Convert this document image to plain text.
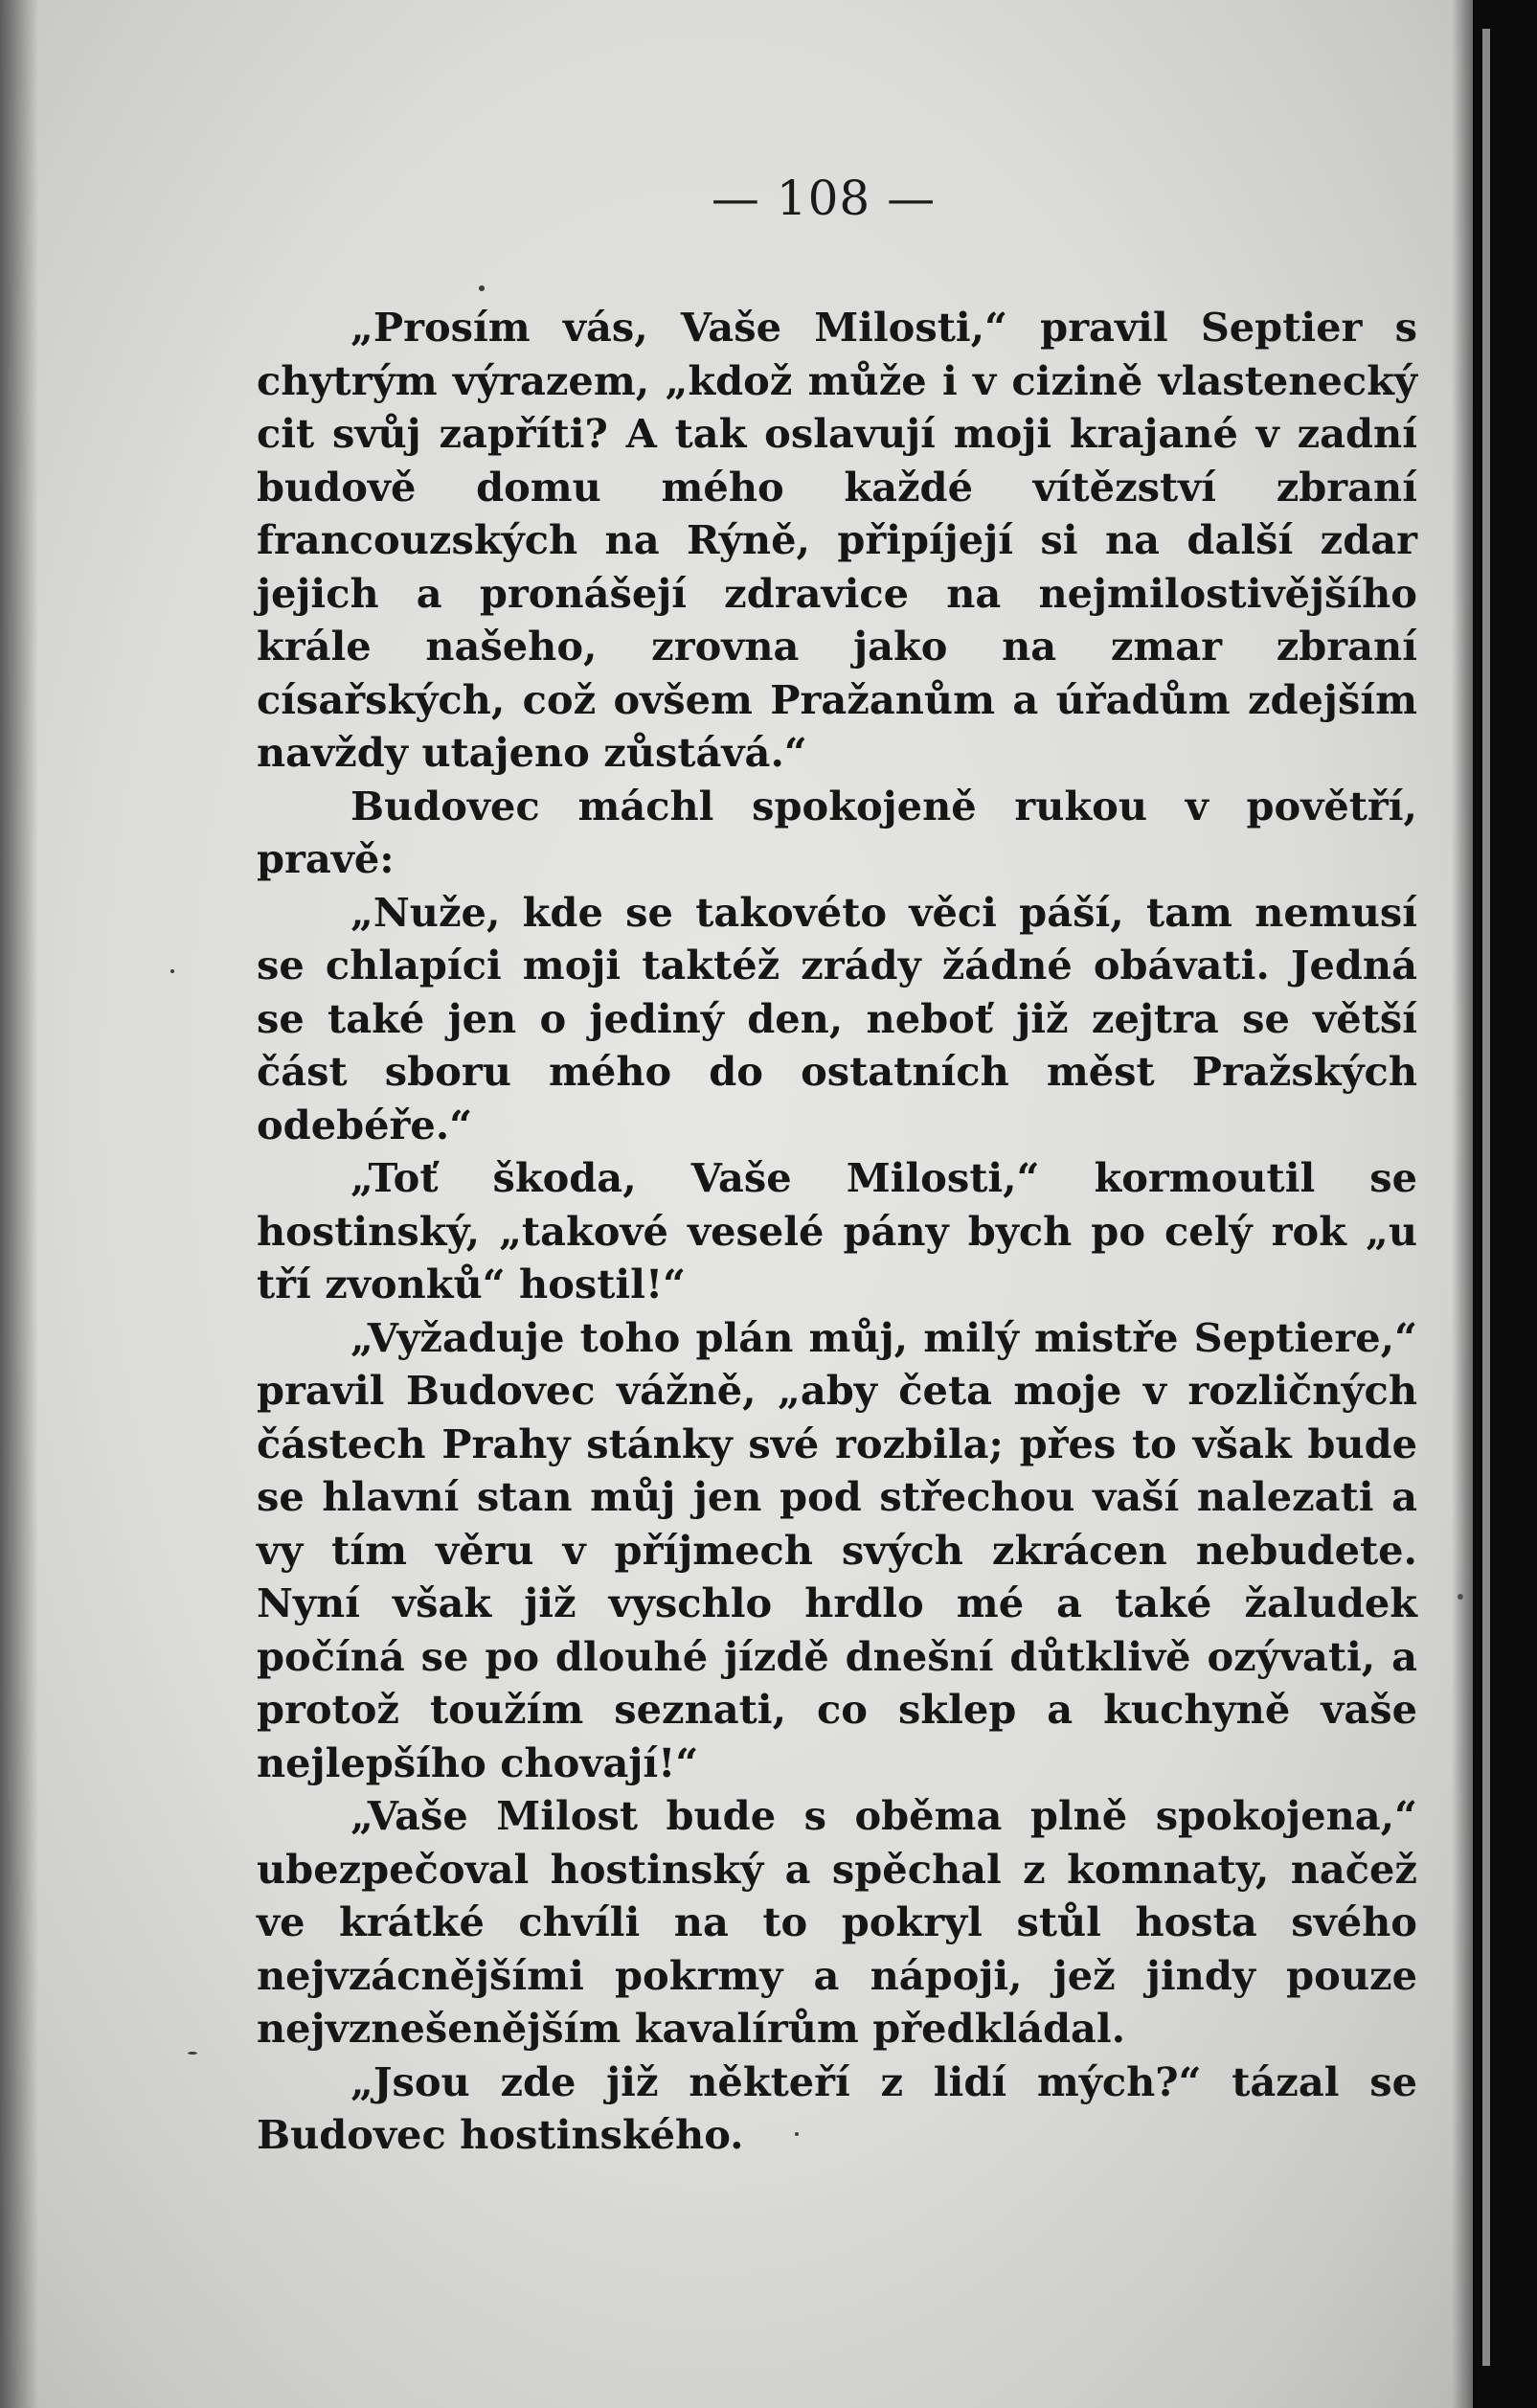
— 108 —

„Prosím vás, Vaše Milosti,“ pravil Septier s chytrým výrazem, „kdož může i v cizině vlastenecký cit svůj zapříti? A tak oslavují moji krajané v zadní budově domu mého každé vítězství zbraní francouzských na Rýně, připíjejí si na další zdar jejich a pronášejí zdravice na nejmilostivějšího krále našeho, zrovna jako na zmar zbraní císařských, což ovšem Pražanům a úřadům zdejším navždy utajeno zůstává.“

Budovec máchl spokojeně rukou v povětří, pravě:

„Nuže, kde se takovéto věci páší, tam nemusí se chlapíci moji taktéž zrády žádné obávati. Jedná se také jen o jediný den, neboť již zejtra se větší část sboru mého do ostatních měst Pražských odebéře.“

„Toť škoda, Vaše Milosti,“ kormoutil se hostinský, „takové veselé pány bych po celý rok „u tří zvonků“ hostil!“

„Vyžaduje toho plán můj, milý mistře Septiere,“ pravil Budovec vážně, „aby četa moje v rozličných částech Prahy stánky své rozbila; přes to však bude se hlavní stan můj jen pod střechou vaší nalezati a vy tím věru v příjmech svých zkrácen nebudete. Nyní však již vyschlo hrdlo mé a také žaludek počíná se po dlouhé jízdě dnešní důtklivě ozývati, a protož toužím seznati, co sklep a kuchyně vaše nejlepšího chovají!“

„Vaše Milost bude s oběma plně spokojena,“ ubezpečoval hostinský a spěchal z komnaty, načež ve krátké chvíli na to pokryl stůl hosta svého nejvzácnějšími pokrmy a nápoji, jež jindy pouze nejvznešenějším kavalírům předkládal.

„Jsou zde již někteří z lidí mých?“ tázal se Budovec hostinského.
